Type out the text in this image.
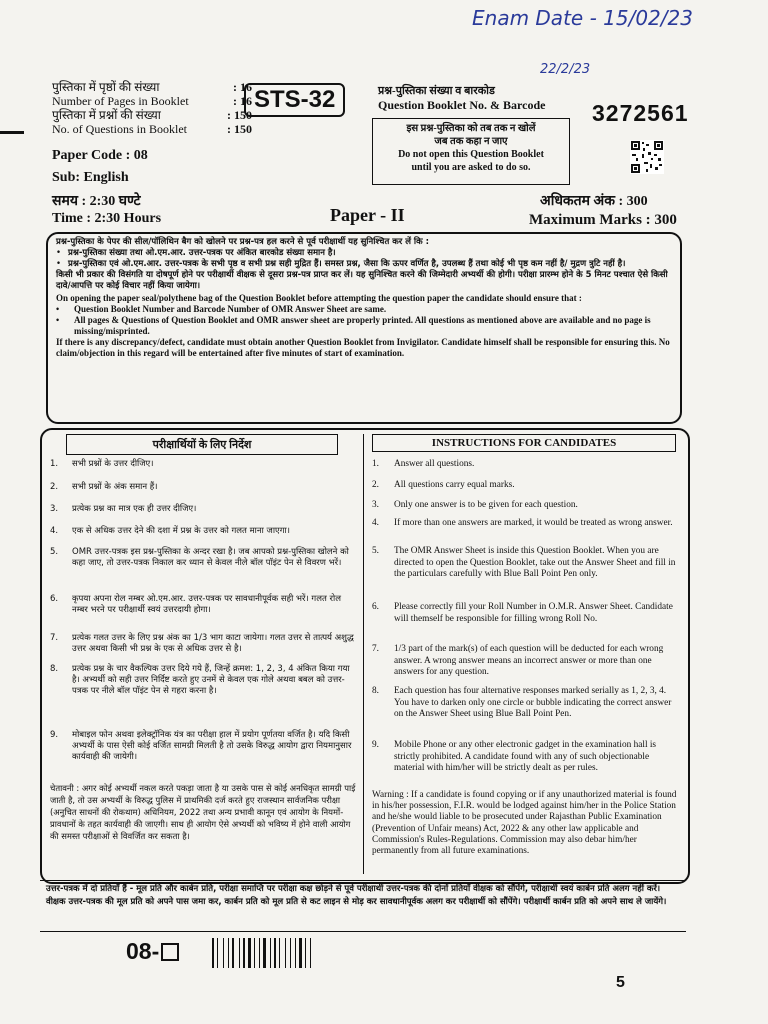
Enam Date - 15/02/23
22/2/23
पुस्तिका में पृष्ठों की संख्या	: 16
Number of Pages in Booklet	: 16
पुस्तिका में प्रश्नों की संख्या	: 150
No. of Questions in Booklet	: 150
STS-32
Paper Code : 08
Sub: English
समय : 2:30 घण्टे
Time : 2:30 Hours	Paper - II
प्रश्न-पुस्तिका संख्या व बारकोड
Question Booklet No. & Barcode 3272561
इस प्रश्न-पुस्तिका को तब तक न खोलें
जब तक कहा न जाए
Do not open this Question Booklet
until you are asked to do so.
अधिकतम अंक : 300
Maximum Marks : 300
प्रश्न-पुस्तिका के पेपर की सील/पॉलिथिन बैग को खोलने पर प्रश्न-पत्र हल करने से पूर्व परीक्षार्थी यह सुनिश्चित कर लें कि :
• प्रश्न-पुस्तिका संख्या तथा ओ.एम.आर. उत्तर-पत्रक पर अंकित बारकोड संख्या समान है।
• प्रश्न-पुस्तिका एवं ओ.एम.आर. उत्तर-पत्रक के सभी पृष्ठ व सभी प्रश्न सही मुद्रित हैं। समस्त प्रश्न, जैसा कि ऊपर वर्णित है, उपलब्ध हैं तथा कोई भी पृष्ठ कम नहीं है/ मुद्रण त्रुटि नहीं है।
किसी भी प्रकार की विसंगति या दोषपूर्ण होने पर परीक्षार्थी वीक्षक से दूसरा प्रश्न-पत्र प्राप्त कर लें। यह सुनिश्चित करने की जिम्मेदारी अभ्यर्थी की होगी। परीक्षा प्रारम्भ होने के 5 मिनट पश्चात ऐसे किसी दावे/आपत्ति पर कोई विचार नहीं किया जायेगा।
On opening the paper seal/polythene bag of the Question Booklet before attempting the question paper the candidate should ensure that :
•	Question Booklet Number and Barcode Number of OMR Answer Sheet are same.
•	All pages & Questions of Question Booklet and OMR answer sheet are properly printed. All questions as mentioned above are available and no page is missing/misprinted.
If there is any discrepancy/defect, candidate must obtain another Question Booklet from Invigilator. Candidate himself shall be responsible for ensuring this. No claim/objection in this regard will be entertained after five minutes of start of examination.
परीक्षार्थियों के लिए निर्देश
1.	सभी प्रश्नों के उत्तर दीजिए।
2.	सभी प्रश्नों के अंक समान हैं।
3.	प्रत्येक प्रश्न का मात्र एक ही उत्तर दीजिए।
4.	एक से अधिक उत्तर देने की दशा में प्रश्न के उत्तर को गलत माना जाएगा।
5.	OMR उत्तर-पत्रक इस प्रश्न-पुस्तिका के अन्दर रखा है। जब आपको प्रश्न-पुस्तिका खोलने को कहा जाए, तो उत्तर-पत्रक निकाल कर ध्यान से केवल नीले बॉल पॉइंट पेन से विवरण भरें।
6.	कृपया अपना रोल नम्बर ओ.एम.आर. उत्तर-पत्रक पर सावधानीपूर्वक सही भरें। गलत रोल नम्बर भरने पर परीक्षार्थी स्वयं उत्तरदायी होगा।
7.	प्रत्येक गलत उत्तर के लिए प्रश्न अंक का 1/3 भाग काटा जायेगा। गलत उत्तर से तात्पर्य अशुद्ध उत्तर अथवा किसी भी प्रश्न के एक से अधिक उत्तर से है।
8.	प्रत्येक प्रश्न के चार वैकल्पिक उत्तर दिये गये हैं, जिन्हें क्रमश: 1, 2, 3, 4 अंकित किया गया है। अभ्यर्थी को सही उत्तर निर्दिष्ट करते हुए उनमें से केवल एक गोले अथवा बबल को उत्तर-पत्रक पर नीले बॉल पॉइंट पेन से गहरा करना है।
9.	मोबाइल फोन अथवा इलेक्ट्रॉनिक यंत्र का परीक्षा हाल में प्रयोग पूर्णतया वर्जित है। यदि किसी अभ्यर्थी के पास ऐसी कोई वर्जित सामग्री मिलती है तो उसके विरुद्ध आयोग द्वारा नियमानुसार कार्यवाही की जायेगी।
INSTRUCTIONS FOR CANDIDATES
1.	Answer all questions.
2.	All questions carry equal marks.
3.	Only one answer is to be given for each question.
4.	If more than one answers are marked, it would be treated as wrong answer.
5.	The OMR Answer Sheet is inside this Question Booklet. When you are directed to open the Question Booklet, take out the Answer Sheet and fill in the particulars carefully with Blue Ball Point Pen only.
6.	Please correctly fill your Roll Number in O.M.R. Answer Sheet. Candidate will themself be responsible for filling wrong Roll No.
7.	1/3 part of the mark(s) of each question will be deducted for each wrong answer. A wrong answer means an incorrect answer or more than one answers for any question.
8.	Each question has four alternative responses marked serially as 1, 2, 3, 4. You have to darken only one circle or bubble indicating the correct answer on the Answer Sheet using Blue Ball Point Pen.
9.	Mobile Phone or any other electronic gadget in the examination hall is strictly prohibited. A candidate found with any of such objectionable material with him/her will be strictly dealt as per rules.
चेतावनी : अगर कोई अभ्यर्थी नकल करते पकड़ा जाता है या उसके पास से कोई अनधिकृत सामग्री पाई जाती है, तो उस अभ्यर्थी के विरुद्ध पुलिस में प्राथमिकी दर्ज करते हुए राजस्थान सार्वजनिक परीक्षा (अनुचित साधनों की रोकथाम) अधिनियम, 2022 तथा अन्य प्रभावी कानून एवं आयोग के नियमों-प्रावधानों के तहत कार्यवाही की जाएगी। साथ ही आयोग ऐसे अभ्यर्थी को भविष्य में होने वाली आयोग की समस्त परीक्षाओं से विवर्जित कर सकता है।
Warning : If a candidate is found copying or if any unauthorized material is found in his/her possession, F.I.R. would be lodged against him/her in the Police Station and he/she would liable to be prosecuted under Rajasthan Public Examination (Prevention of Unfair means) Act, 2022 & any other law applicable and Commission's Rules-Regulations. Commission may also debar him/her permanently from all future examinations.
उत्तर-पत्रक में दो प्रतियाँ हैं - मूल प्रति और कार्बन प्रति, परीक्षा समाप्ति पर परीक्षा कक्ष छोड़ने से पूर्व परीक्षार्थी उत्तर-पत्रक की दोनों प्रतियाँ वीक्षक को सौंपेंगे, परीक्षार्थी स्वयं कार्बन प्रति अलग नहीं करें। वीक्षक उत्तर-पत्रक की मूल प्रति को अपने पास जमा कर, कार्बन प्रति को मूल प्रति से कट लाइन से मोड़ कर सावधानीपूर्वक अलग कर परीक्षार्थी को सौंपेंगे। परीक्षार्थी कार्बन प्रति को अपने साथ ले जायेंगे।
08-
5
